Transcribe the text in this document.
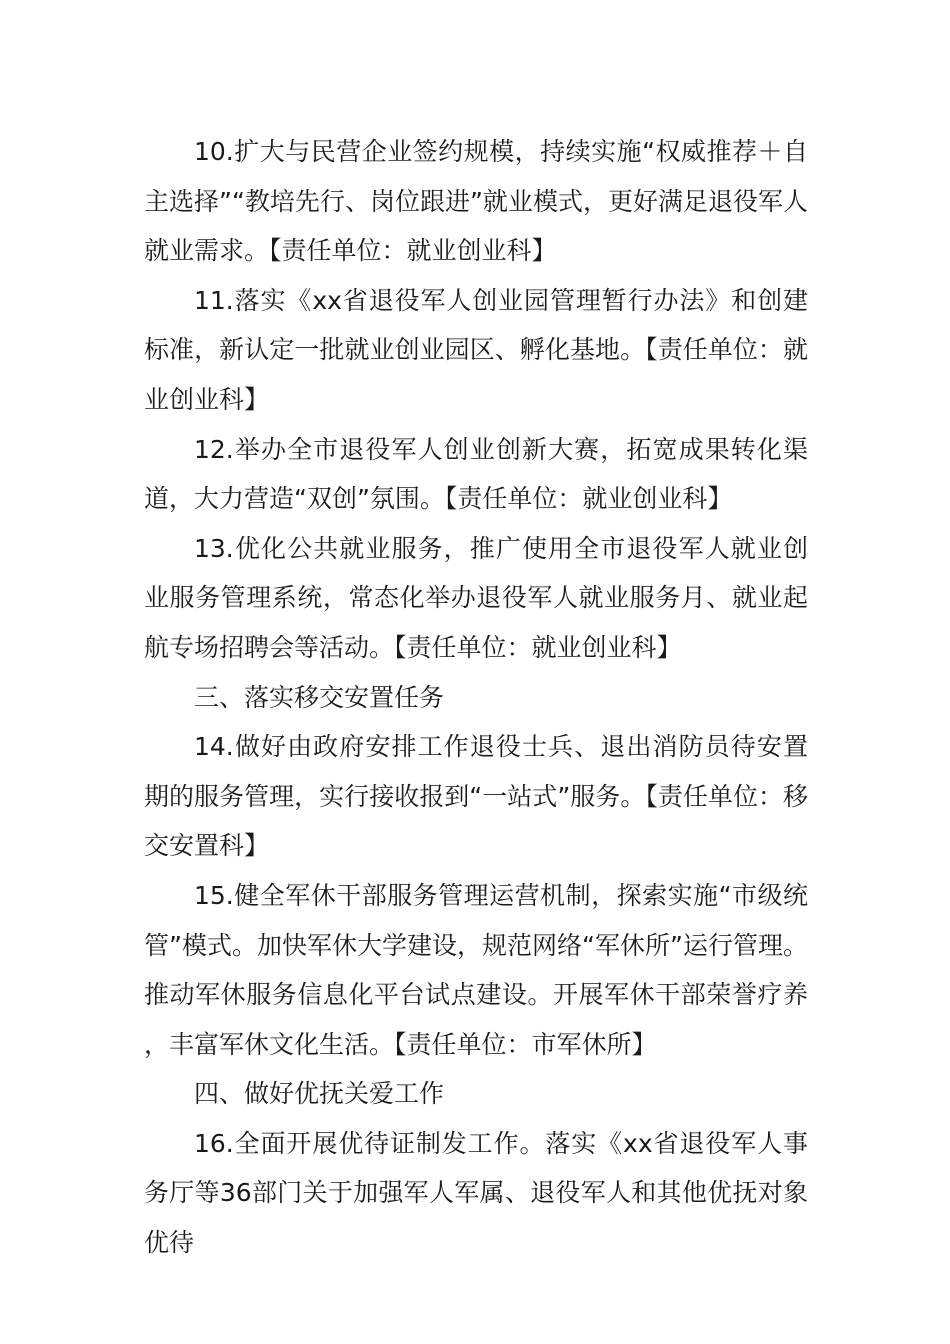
10.扩大与民营企业签约规模，持续实施“权威推荐＋自主选择”“教培先行、岗位跟进”就业模式，更好满足退役军人就业需求。【责任单位：就业创业科】

11.落实《xx省退役军人创业园管理暂行办法》和创建标准，新认定一批就业创业园区、孵化基地。【责任单位：就业创业科】

12.举办全市退役军人创业创新大赛，拓宽成果转化渠道，大力营造“双创”氛围。【责任单位：就业创业科】

13.优化公共就业服务，推广使用全市退役军人就业创业服务管理系统，常态化举办退役军人就业服务月、就业起航专场招聘会等活动。【责任单位：就业创业科】

三、落实移交安置任务

14.做好由政府安排工作退役士兵、退出消防员待安置期的服务管理，实行接收报到“一站式”服务。【责任单位：移交安置科】

15.健全军休干部服务管理运营机制，探索实施“市级统管”模式。加快军休大学建设，规范网络“军休所”运行管理。推动军休服务信息化平台试点建设。开展军休干部荣誉疗养，丰富军休文化生活。【责任单位：市军休所】

四、做好优抚关爱工作

16.全面开展优待证制发工作。落实《xx省退役军人事务厅等36部门关于加强军人军属、退役军人和其他优抚对象优待
